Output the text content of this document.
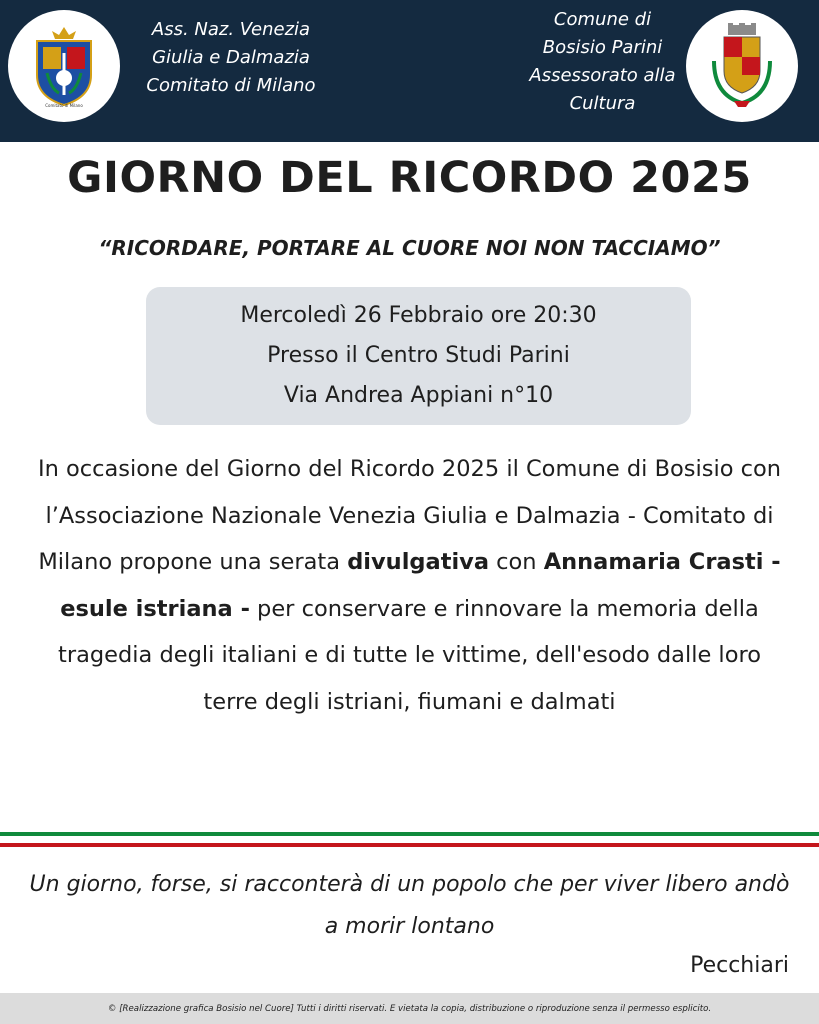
Comitato di Milano
Ass. Naz. Venezia
Giulia e Dalmazia
Comitato di Milano
Comune di
Bosisio Parini
Assessorato alla
Cultura
GIORNO DEL RICORDO 2025
“RICORDARE, PORTARE AL CUORE NOI NON TACCIAMO”
Mercoledì 26 Febbraio ore 20:30
Presso il Centro Studi Parini
Via Andrea Appiani n°10
In occasione del Giorno del Ricordo 2025 il Comune di Bosisio con l’Associazione Nazionale Venezia Giulia e Dalmazia - Comitato di Milano propone una serata divulgativa con Annamaria Crasti - esule istriana - per conservare e rinnovare la memoria della tragedia degli italiani e di tutte le vittime, dell'esodo dalle loro terre degli istriani, fiumani e dalmati
Un giorno, forse, si racconterà di un popolo che per viver libero andò a morir lontano
Pecchiari
© [Realizzazione grafica Bosisio nel Cuore] Tutti i diritti riservati. E vietata la copia, distribuzione o riproduzione senza il permesso esplicito.
